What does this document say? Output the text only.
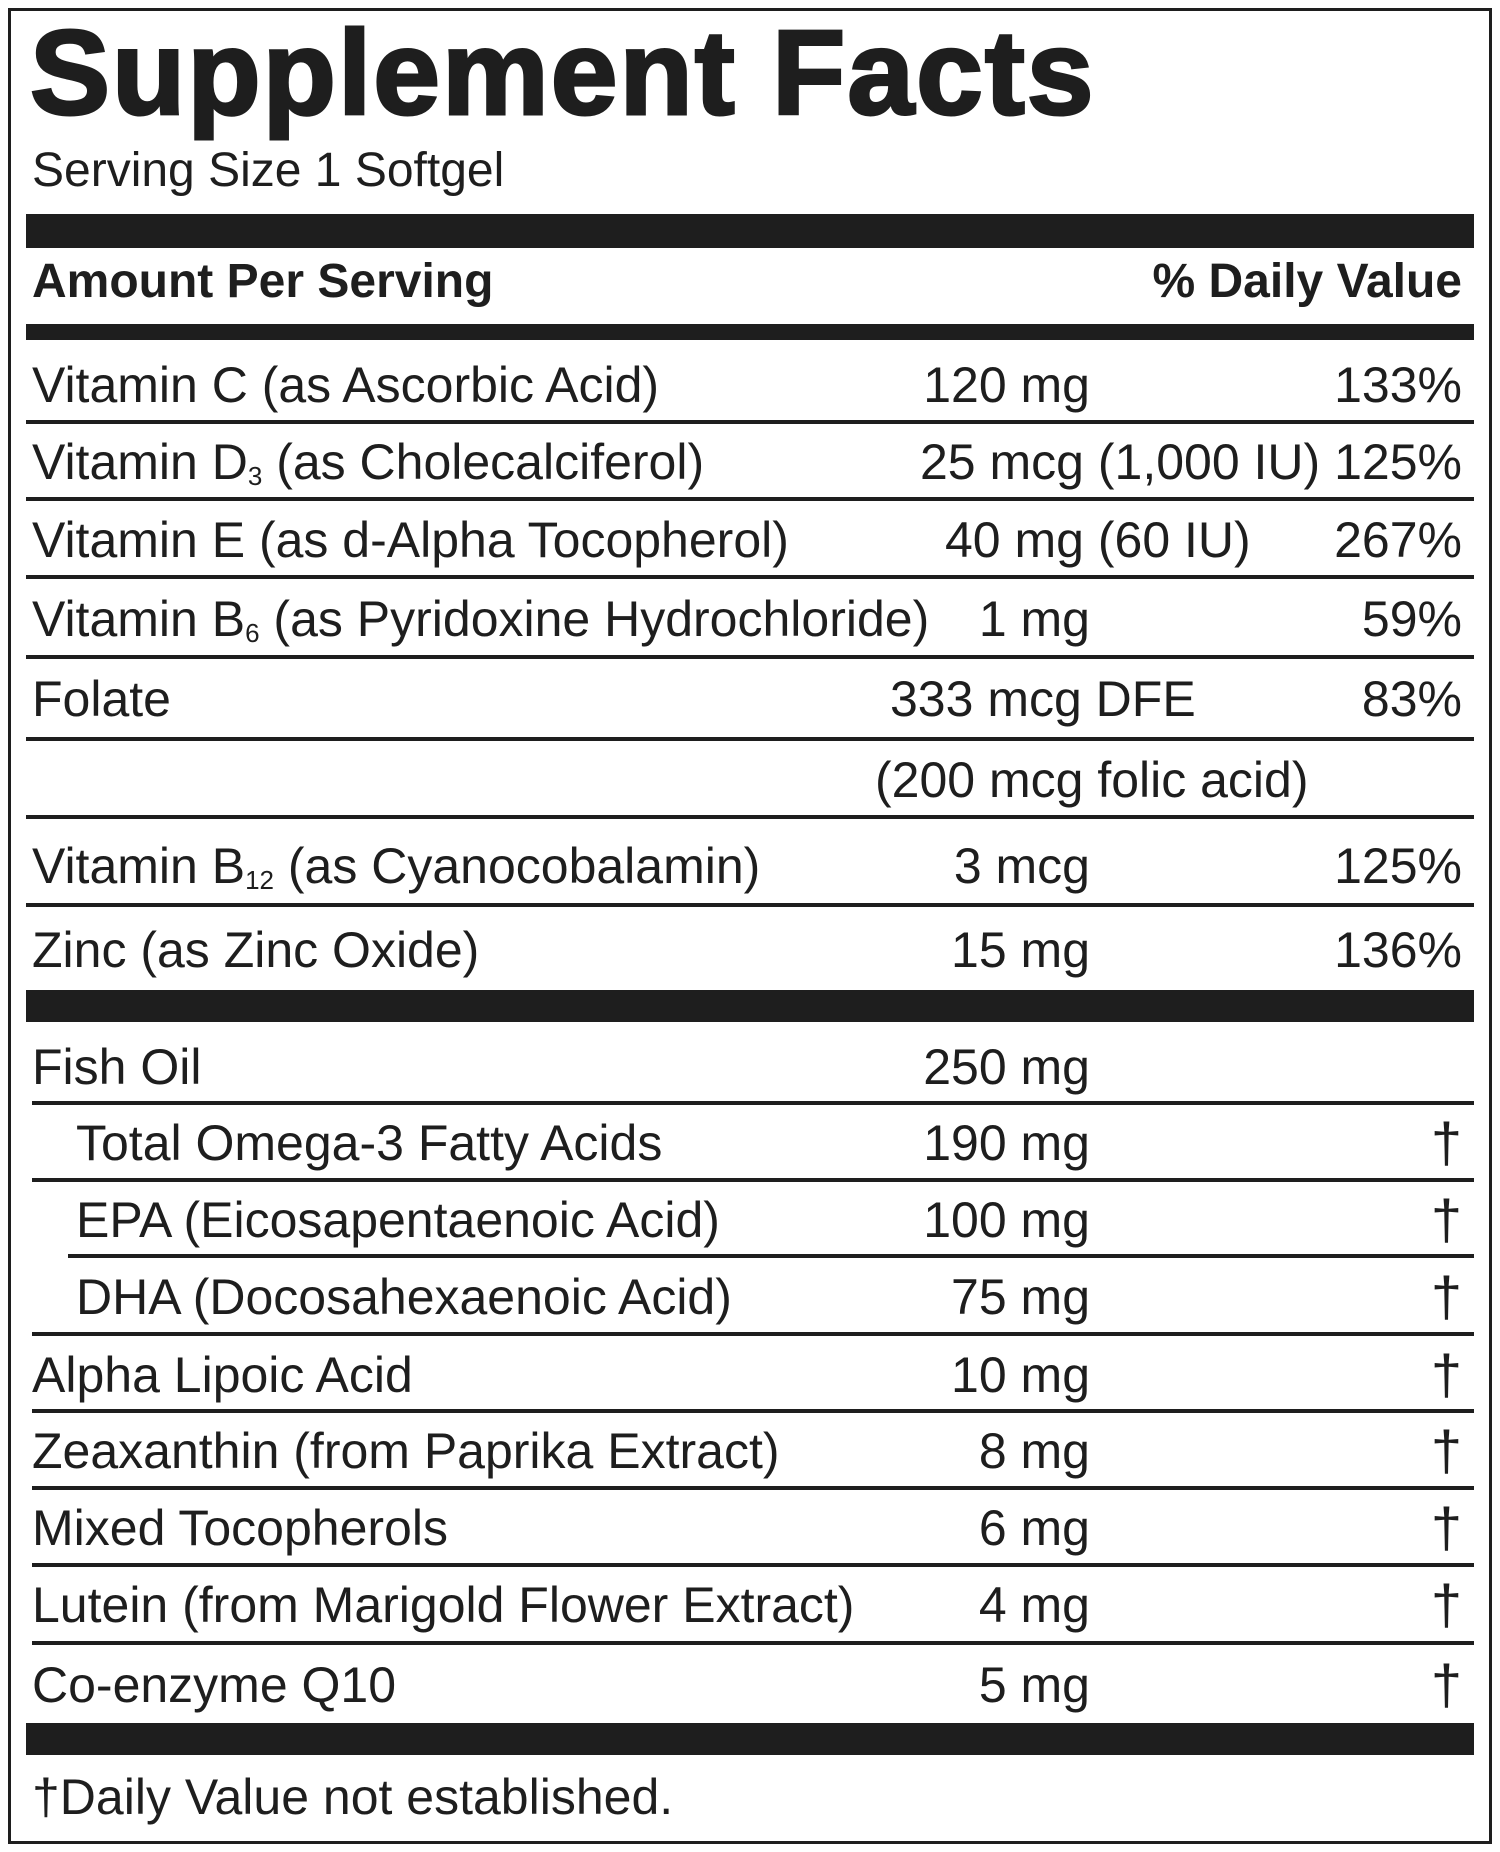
Supplement Facts
Serving Size 1 Softgel
Amount Per Serving	% Daily Value
Vitamin C (as Ascorbic Acid)	120 mg	133%
Vitamin $D_3$ (as Cholecalciferol)	25 mcg (1,000 IU) 125%
Vitamin E (as d-Alpha Tocopherol)	40 mg (60 IU) 267%
Vitamin $B_6$ (as Pyridoxine Hydrochloride) 1 mg	59%
Folate	333 mcg DFE	83%
(200 mcg folic acid)
Vitamin $B_{12}$ (as Cyanocobalamin)	3 mcg	125%
Zinc (as Zinc Oxide)	15 mg	136%
Fish Oil	250 mg
Total Omega-3 Fatty Acids	190 mg	†
EPA (Eicosapentaenoic Acid)	100 mg	†
DHA (Docosahexaenoic Acid)	75 mg	†
Alpha Lipoic Acid	10 mg	†
Zeaxanthin (from Paprika Extract)	8 mg	†
Mixed Tocopherols	6 mg	†
Lutein (from Marigold Flower Extract) 4 mg	†
Co-enzyme Q10	5 mg	†
†Daily Value not established.
